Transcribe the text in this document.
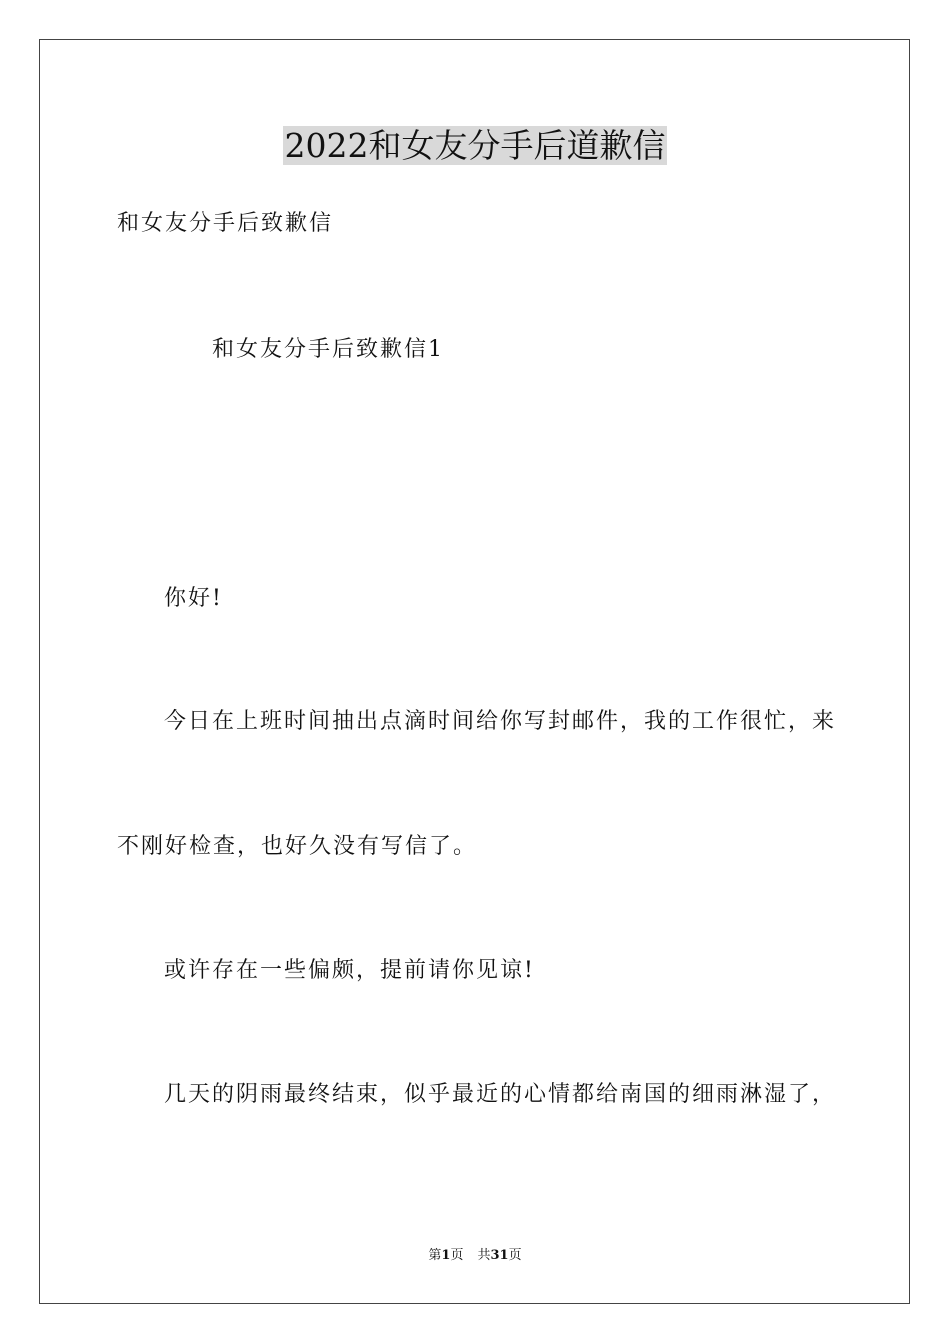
2022和女友分手后道歉信
和女友分手后致歉信
和女友分手后致歉信1
你好!
今日在上班时间抽出点滴时间给你写封邮件，我的工作很忙，来
不刚好检查，也好久没有写信了。
或许存在一些偏颇，提前请你见谅!
几天的阴雨最终结束，似乎最近的心情都给南国的细雨淋湿了，
第1页 共31页
